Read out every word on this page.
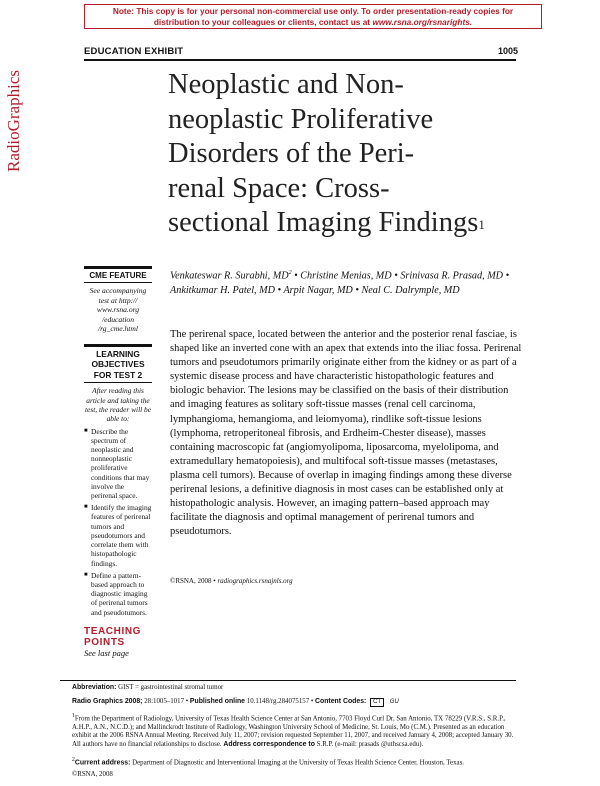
Note: This copy is for your personal non-commercial use only. To order presentation-ready copies for distribution to your colleagues or clients, contact us at www.rsna.org/rsnarights.
RadioGraphics
EDUCATION EXHIBIT	1005
Neoplastic and Non-
neoplastic Proliferative
Disorders of the Peri-
renal Space: Cross-
sectional Imaging Findings$^1$
CME FEATURE
See accompanying test at http:// www.rsna.org /education /rg_cme.html
LEARNING OBJECTIVES FOR TEST 2
After reading this article and taking the test, the reader will be able to:
■ Describe the spectrum of neoplastic and nonneoplastic proliferative conditions that may involve the perirenal space.
■ Identify the imaging features of perirenal tumors and pseudotumors and correlate them with histopathologic findings.
■ Define a pattern-based approach to diagnostic imaging of perirenal tumors and pseudotumors.
TEACHING POINTS
See last page
Venkateswar R. Surabhi, $MD^2$ • Christine Menias, MD • Srinivasa R. Prasad, MD • Ankitkumar H. Patel, MD • Arpit Nagar, MD • Neal C. Dalrymple, MD
The perirenal space, located between the anterior and the posterior renal fasciae, is shaped like an inverted cone with an apex that extends into the iliac fossa. Perirenal tumors and pseudotumors primarily originate either from the kidney or as part of a systemic disease process and have characteristic histopathologic features and biologic behavior. The lesions may be classified on the basis of their distribution and imaging features as solitary soft-tissue masses (renal cell carcinoma, lymphangioma, hemangioma, and leiomyoma), rindlike soft-tissue lesions (lymphoma, retroperitoneal fibrosis, and Erdheim-Chester disease), masses containing macroscopic fat (angiomyolipoma, liposarcoma, myelolipoma, and extramedullary hematopoiesis), and multifocal soft-tissue masses (metastases, plasma cell tumors). Because of overlap in imaging findings among these diverse perirenal lesions, a definitive diagnosis in most cases can be established only at histopathologic analysis. However, an imaging pattern–based approach may facilitate the diagnosis and optimal management of perirenal tumors and pseudotumors.
©RSNA, 2008 • radiographics.rsnajnls.org
Abbreviation: GIST = gastrointestinal stromal tumor
Radio Graphics 2008; 28:1005–1017 • Published online 10.1148/rg.284075157 • Content Codes: CT GU
$^1$From the Department of Radiology, University of Texas Health Science Center at San Antonio, 7703 Floyd Curl Dr, San Antonio, TX 78229 (V.R.S., S.R.P., A.H.P., A.N., N.C.D.); and Mallinckrodt Institute of Radiology, Washington University School of Medicine, St. Louis, Mo (C.M.). Presented as an education exhibit at the 2006 RSNA Annual Meeting. Received July 11, 2007; revision requested September 11, 2007, and received January 4, 2008; accepted January 30. All authors have no financial relationships to disclose. Address correspondence to S.R.P. (e-mail: prasads @uthscsa.edu).
$^2$Current address: Department of Diagnostic and Interventional Imaging at the University of Texas Health Science Center, Houston, Texas.
©RSNA, 2008
